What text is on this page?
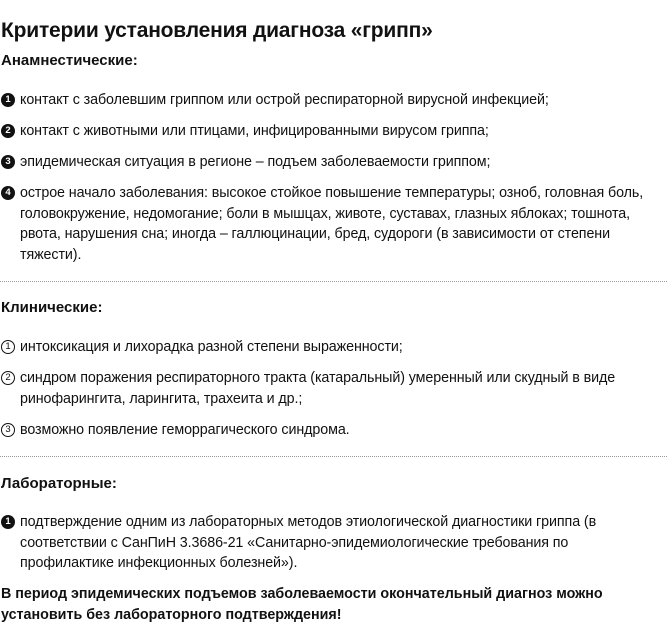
Критерии установления диагноза «грипп»
Анамнестические:
1 контакт с заболевшим гриппом или острой респираторной вирусной инфекцией;
2 контакт с животными или птицами, инфицированными вирусом гриппа;
3 эпидемическая ситуация в регионе – подъем заболеваемости гриппом;
4 острое начало заболевания: высокое стойкое повышение температуры; озноб, головная боль, головокружение, недомогание; боли в мышцах, животе, суставах, глазных яблоках; тошнота, рвота, нарушения сна; иногда – галлюцинации, бред, судороги (в зависимости от степени тяжести).
Клинические:
1 интоксикация и лихорадка разной степени выраженности;
2 синдром поражения респираторного тракта (катаральный) умеренный или скудный в виде ринофарингита, ларингита, трахеита и др.;
3 возможно появление геморрагического синдрома.
Лабораторные:
1 подтверждение одним из лабораторных методов этиологической диагностики гриппа (в соответствии с СанПиН 3.3686-21 «Санитарно-эпидемиологические требования по профилактике инфекционных болезней»).
В период эпидемических подъемов заболеваемости окончательный диагноз можно установить без лабораторного подтверждения!
